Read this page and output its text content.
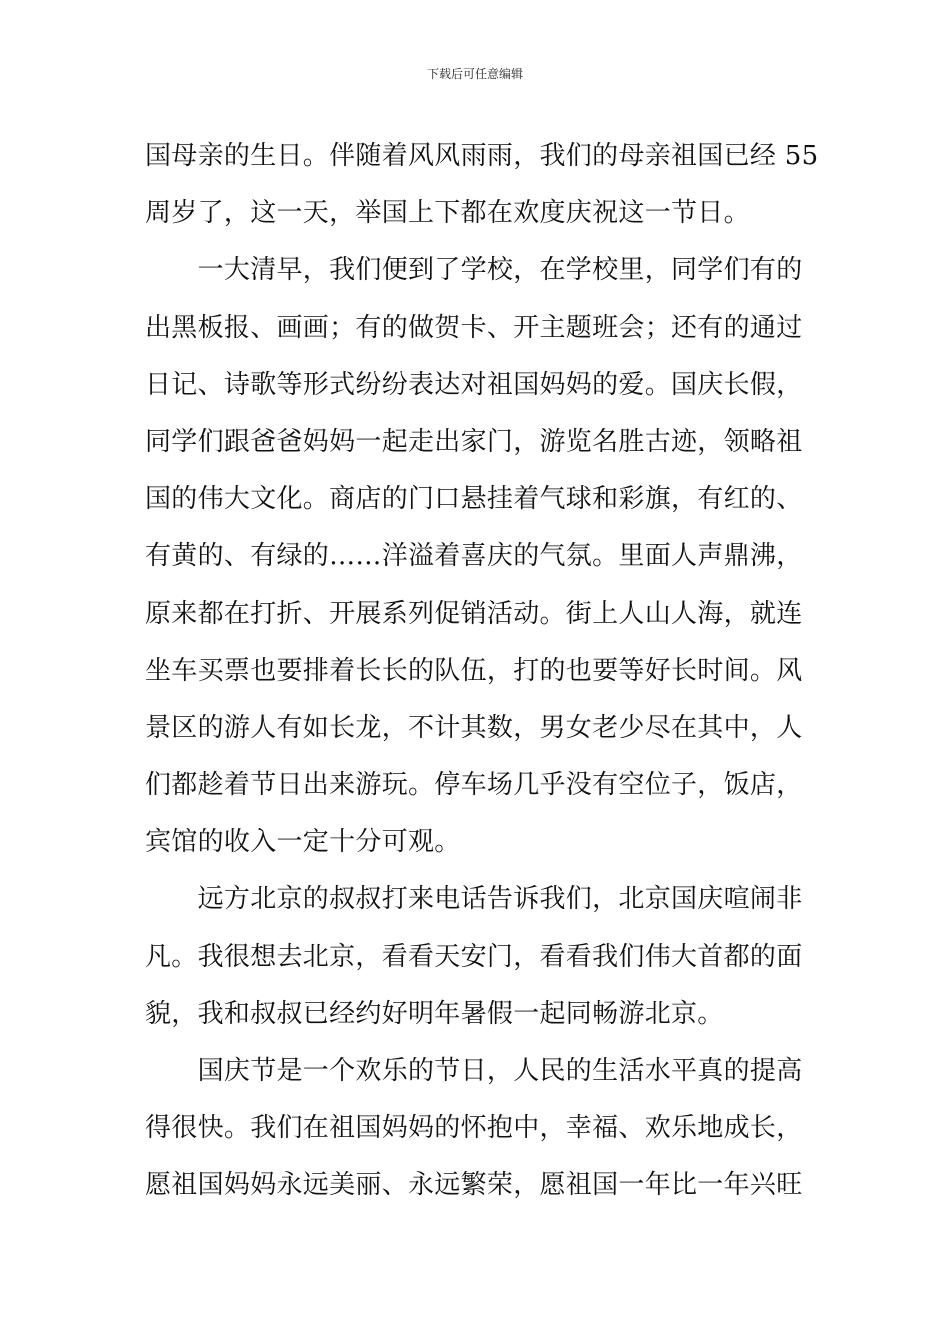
下载后可任意编辑
国母亲的生日。伴随着风风雨雨，我们的母亲祖国已经 55
周岁了，这一天，举国上下都在欢度庆祝这一节日。
　　一大清早，我们便到了学校，在学校里，同学们有的
出黑板报、画画；有的做贺卡、开主题班会；还有的通过
日记、诗歌等形式纷纷表达对祖国妈妈的爱。国庆长假，
同学们跟爸爸妈妈一起走出家门，游览名胜古迹，领略祖
国的伟大文化。商店的门口悬挂着气球和彩旗，有红的、
有黄的、有绿的……洋溢着喜庆的气氛。里面人声鼎沸，
原来都在打折、开展系列促销活动。街上人山人海，就连
坐车买票也要排着长长的队伍，打的也要等好长时间。风
景区的游人有如长龙，不计其数，男女老少尽在其中，人
们都趁着节日出来游玩。停车场几乎没有空位子，饭店，
宾馆的收入一定十分可观。
　　远方北京的叔叔打来电话告诉我们，北京国庆喧闹非
凡。我很想去北京，看看天安门，看看我们伟大首都的面
貌，我和叔叔已经约好明年暑假一起同畅游北京。
　　国庆节是一个欢乐的节日，人民的生活水平真的提高
得很快。我们在祖国妈妈的怀抱中，幸福、欢乐地成长，
愿祖国妈妈永远美丽、永远繁荣，愿祖国一年比一年兴旺
